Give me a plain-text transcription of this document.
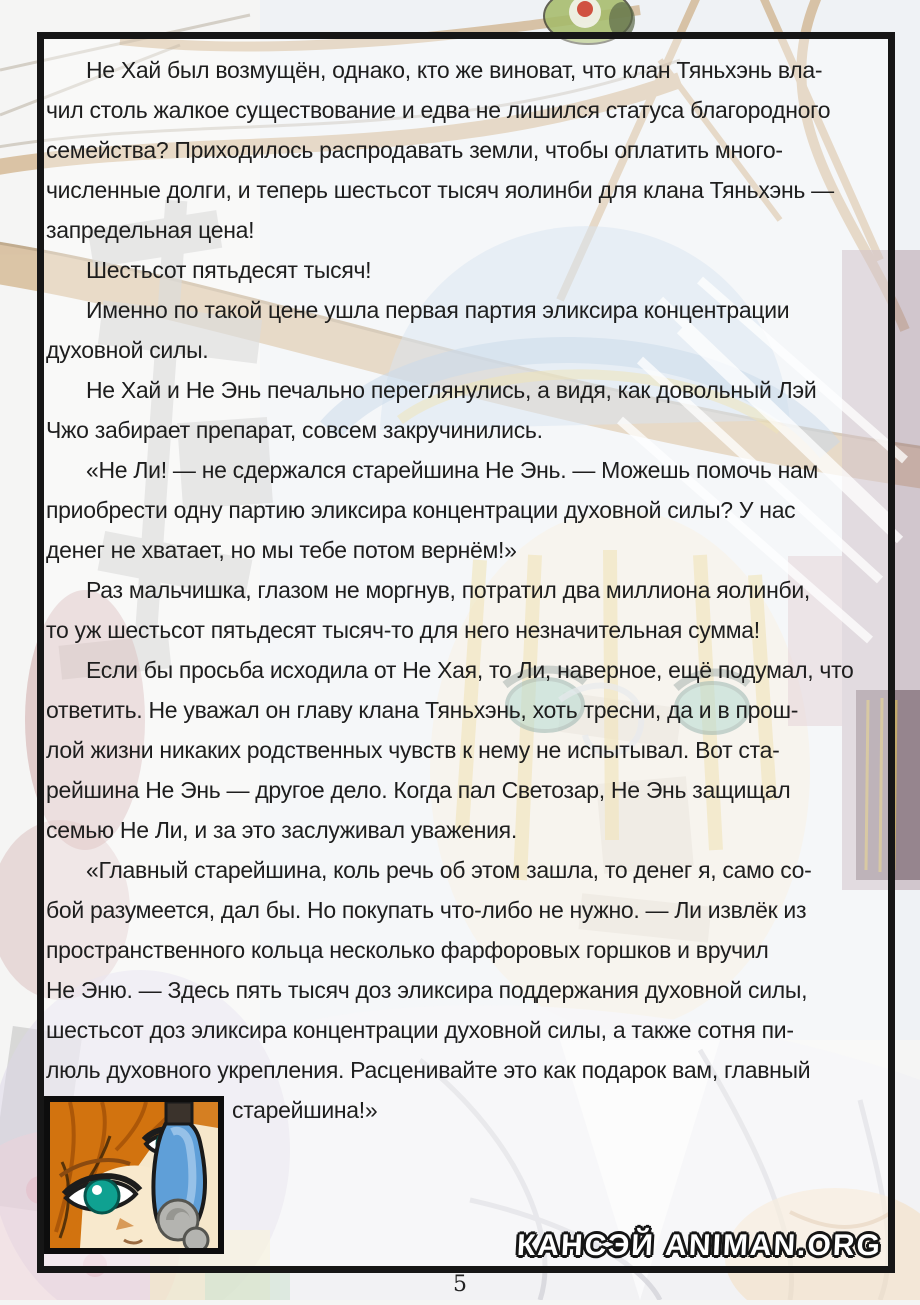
Не Хай был возмущён, однако, кто же виноват, что клан Тяньхэнь вла-
чил столь жалкое существование и едва не лишился статуса благородного
семейства? Приходилось распродавать земли, чтобы оплатить много-
численные долги, и теперь шестьсот тысяч яолинби для клана Тяньхэнь —
запредельная цена!
Шестьсот пятьдесят тысяч!
Именно по такой цене ушла первая партия эликсира концентрации
духовной силы.
Не Хай и Не Энь печально переглянулись, а видя, как довольный Лэй
Чжо забирает препарат, совсем закручинились.
«Не Ли! — не сдержался старейшина Не Энь. — Можешь помочь нам
приобрести одну партию эликсира концентрации духовной силы? У нас
денег не хватает, но мы тебе потом вернём!»
Раз мальчишка, глазом не моргнув, потратил два миллиона яолинби,
то уж шестьсот пятьдесят тысяч-то для него незначительная сумма!
Если бы просьба исходила от Не Хая, то Ли, наверное, ещё подумал, что
ответить. Не уважал он главу клана Тяньхэнь, хоть тресни, да и в прош-
лой жизни никаких родственных чувств к нему не испытывал. Вот ста-
рейшина Не Энь — другое дело. Когда пал Светозар, Не Энь защищал
семью Не Ли, и за это заслуживал уважения.
«Главный старейшина, коль речь об этом зашла, то денег я, само со-
бой разумеется, дал бы. Но покупать что-либо не нужно. — Ли извлёк из
пространственного кольца несколько фарфоровых горшков и вручил
Не Эню. — Здесь пять тысяч доз эликсира поддержания духовной силы,
шестьсот доз эликсира концентрации духовной силы, а также сотня пи-
люль духовного укрепления. Расценивайте это как подарок вам, главный
старейшина!»
КАНСЭЙ ANIMAN.ORG
5
